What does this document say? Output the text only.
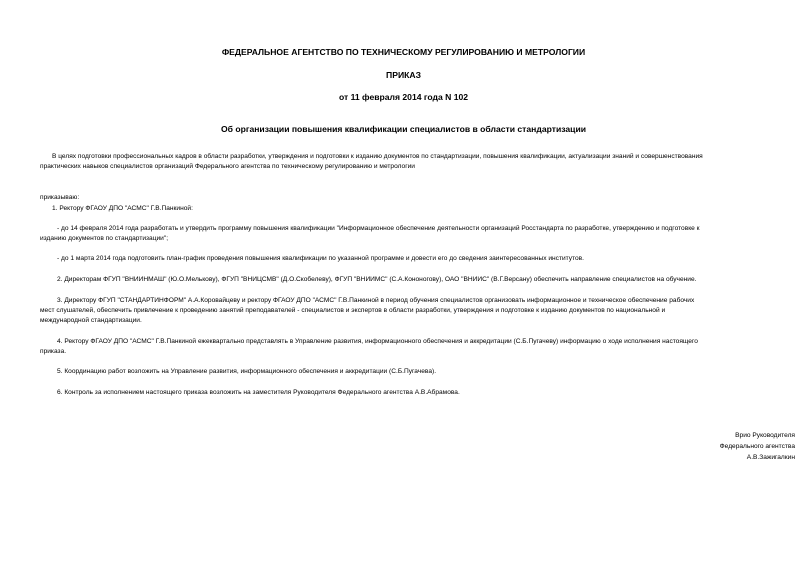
ФЕДЕРАЛЬНОЕ АГЕНТСТВО ПО ТЕХНИЧЕСКОМУ РЕГУЛИРОВАНИЮ И МЕТРОЛОГИИ
ПРИКАЗ
от 11 февраля 2014 года N 102
Об организации повышения квалификации специалистов в области стандартизации
В целях подготовки профессиональных кадров в области разработки, утверждения и подготовки к изданию документов по стандартизации, повышения квалификации, актуализации знаний и совершенствования
практических навыков специалистов организаций Федерального агентства по техническому регулированию и метрологии
приказываю:
1. Ректору ФГАОУ ДПО "АСМС" Г.В.Панкиной:
- до 14 февраля 2014 года разработать и утвердить программу повышения квалификации "Информационное обеспечение деятельности организаций Росстандарта по разработке, утверждению и подготовке к
изданию документов по стандартизации";
- до 1 марта 2014 года подготовить план-график проведения повышения квалификации по указанной программе и довести его до сведения заинтересованных институтов.
2. Директорам ФГУП "ВНИИНМАШ" (Ю.О.Мелькову), ФГУП "ВНИЦСМВ" (Д.О.Скобелеву), ФГУП "ВНИИМС" (С.А.Кононогову), ОАО "ВНИИС" (В.Г.Версану) обеспечить направление специалистов на обучение.
3. Директору ФГУП "СТАНДАРТИНФОРМ" А.А.Коровайцеву и ректору ФГАОУ ДПО "АСМС" Г.В.Панкиной в период обучения специалистов организовать информационное и техническое обеспечение рабочих
мест слушателей, обеспечить привлечение к проведению занятий преподавателей - специалистов и экспертов в области разработки, утверждения и подготовке к изданию документов по национальной и
международной стандартизации.
4. Ректору ФГАОУ ДПО "АСМС" Г.В.Панкиной ежеквартально представлять в Управление развития, информационного обеспечения и аккредитации (С.Б.Пугачеву) информацию о ходе исполнения настоящего
приказа.
5. Координацию работ возложить на Управление развития, информационного обеспечения и аккредитации (С.Б.Пугачева).
6. Контроль за исполнением настоящего приказа возложить на заместителя Руководителя Федерального агентства А.В.Абрамова.
Врио Руководителя
Федерального агентства
А.В.Зажигалкин
